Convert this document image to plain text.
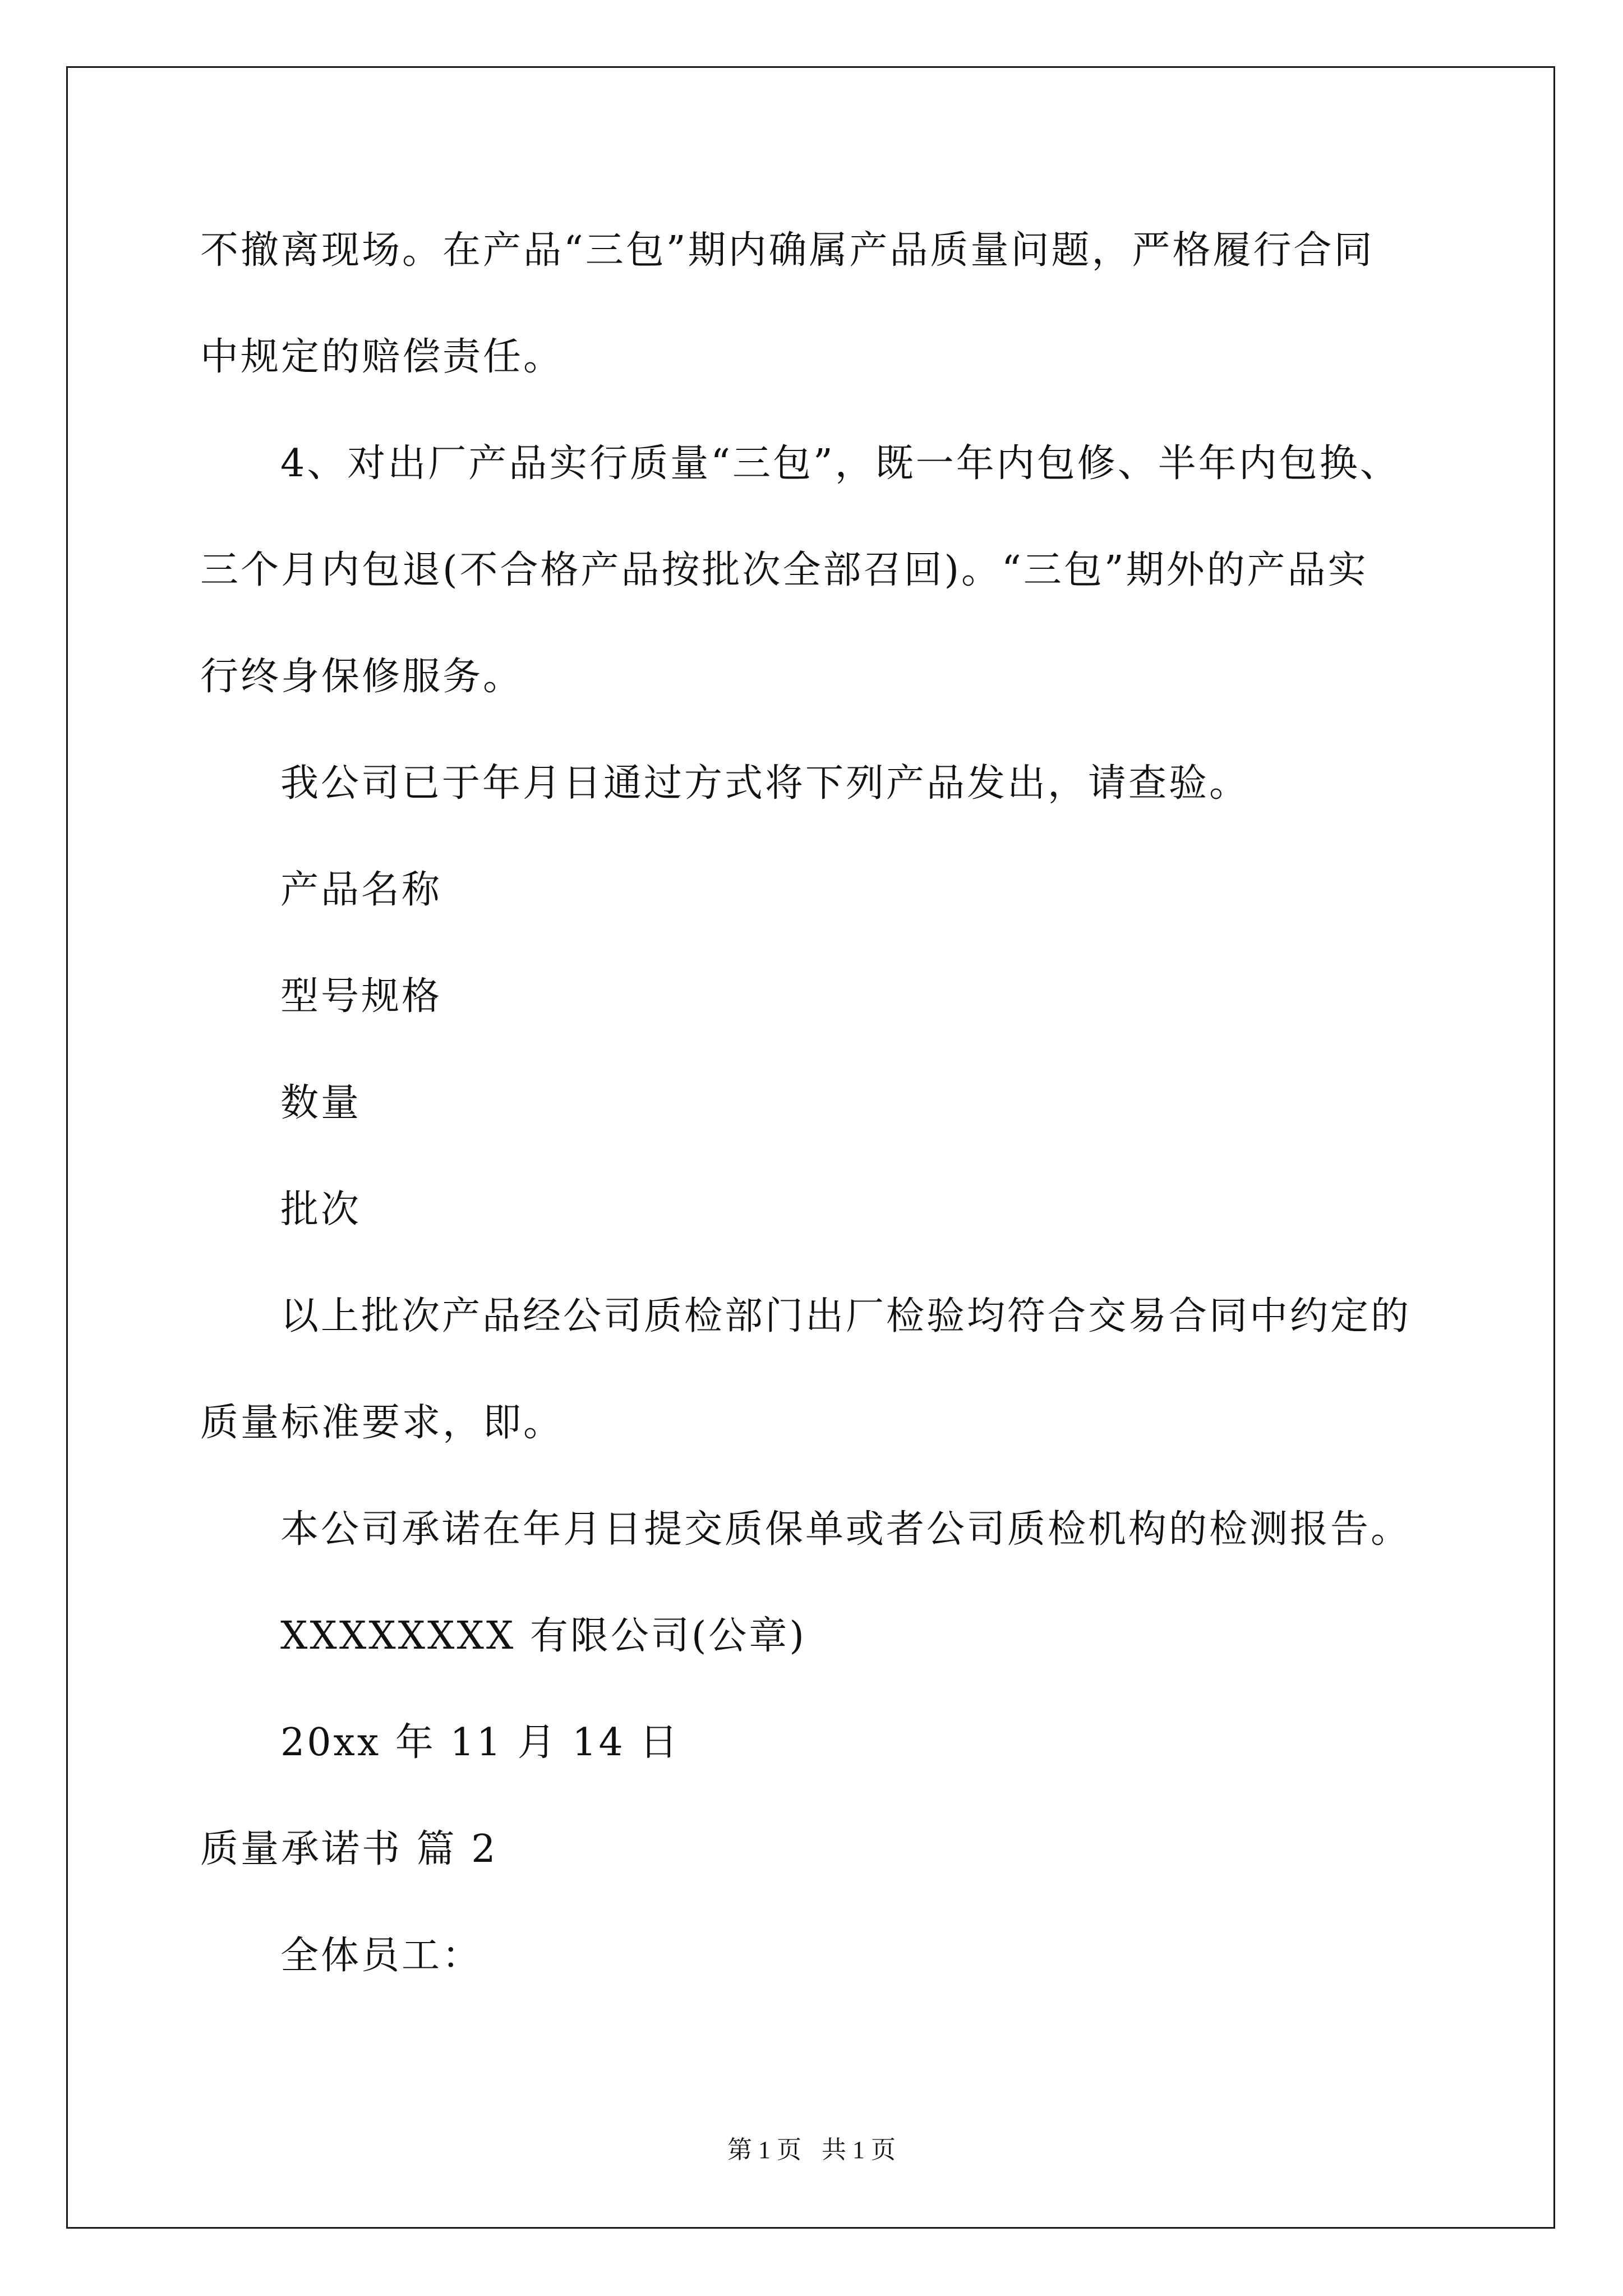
不撤离现场。在产品“三包”期内确属产品质量问题，严格履行合同
中规定的赔偿责任。
4、对出厂产品实行质量“三包”，既一年内包修、半年内包换、
三个月内包退(不合格产品按批次全部召回)。“三包”期外的产品实
行终身保修服务。
我公司已于年月日通过方式将下列产品发出，请查验。
产品名称
型号规格
数量
批次
以上批次产品经公司质检部门出厂检验均符合交易合同中约定的
质量标准要求，即。
本公司承诺在年月日提交质保单或者公司质检机构的检测报告。
XXXXXXXX 有限公司(公章)
20xx 年 11 月 14 日
质量承诺书 篇 2
全体员工：
第 1 页 共 1 页
